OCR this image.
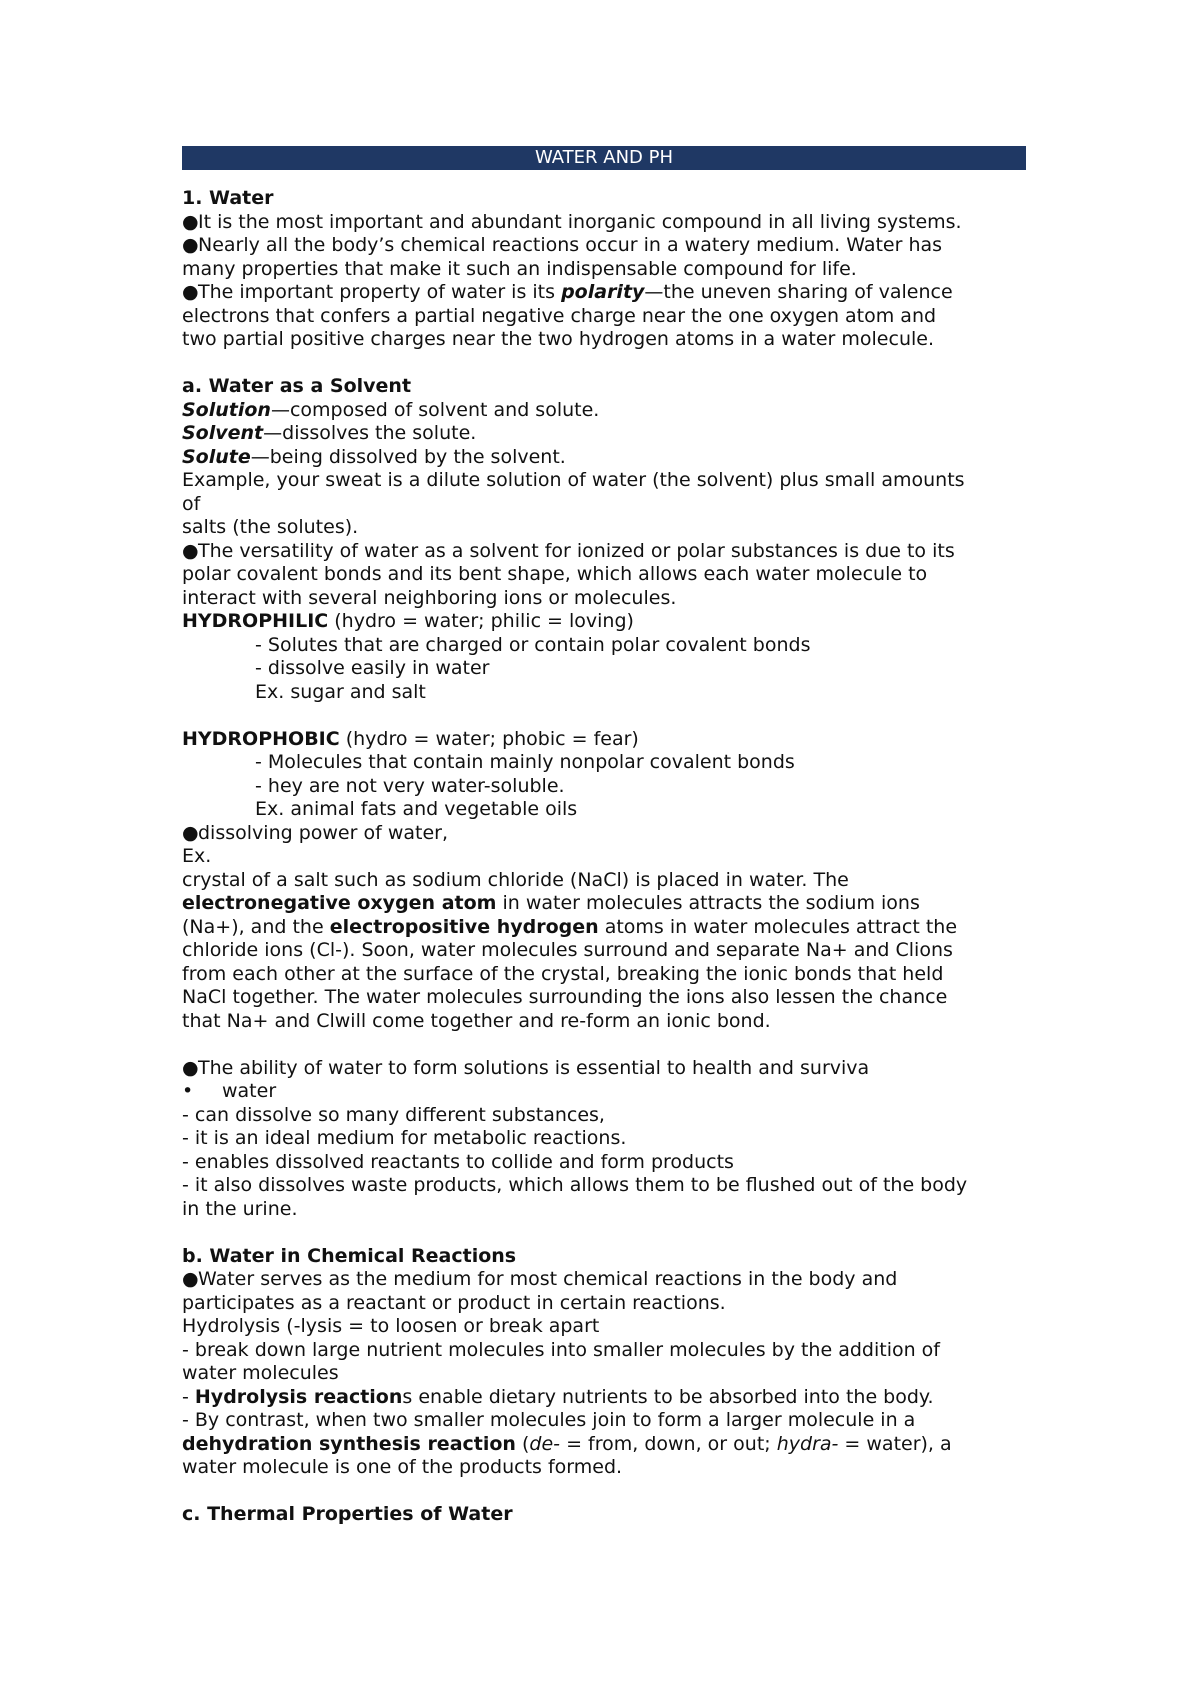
WATER AND PH
1. Water
●It is the most important and abundant inorganic compound in all living systems.
●Nearly all the body’s chemical reactions occur in a watery medium. Water has
many properties that make it such an indispensable compound for life.
●The important property of water is its polarity—the uneven sharing of valence
electrons that confers a partial negative charge near the one oxygen atom and
two partial positive charges near the two hydrogen atoms in a water molecule.
a. Water as a Solvent
Solution—composed of solvent and solute.
Solvent—dissolves the solute.
Solute—being dissolved by the solvent.
Example, your sweat is a dilute solution of water (the solvent) plus small amounts
of
salts (the solutes).
●The versatility of water as a solvent for ionized or polar substances is due to its
polar covalent bonds and its bent shape, which allows each water molecule to
interact with several neighboring ions or molecules.
HYDROPHILIC (hydro = water; philic = loving)
- Solutes that are charged or contain polar covalent bonds
- dissolve easily in water
Ex. sugar and salt
HYDROPHOBIC (hydro = water; phobic = fear)
- Molecules that contain mainly nonpolar covalent bonds
- hey are not very water-soluble.
Ex. animal fats and vegetable oils
●dissolving power of water,
Ex.
crystal of a salt such as sodium chloride (NaCl) is placed in water. The
electronegative oxygen atom in water molecules attracts the sodium ions
(Na+), and the electropositive hydrogen atoms in water molecules attract the
chloride ions (Cl-). Soon, water molecules surround and separate Na+ and Clions
from each other at the surface of the crystal, breaking the ionic bonds that held
NaCl together. The water molecules surrounding the ions also lessen the chance
that Na+ and Clwill come together and re-form an ionic bond.
●The ability of water to form solutions is essential to health and surviva
• water
- can dissolve so many different substances,
- it is an ideal medium for metabolic reactions.
- enables dissolved reactants to collide and form products
- it also dissolves waste products, which allows them to be flushed out of the body
in the urine.
b. Water in Chemical Reactions
●Water serves as the medium for most chemical reactions in the body and
participates as a reactant or product in certain reactions.
Hydrolysis (-lysis = to loosen or break apart
- break down large nutrient molecules into smaller molecules by the addition of
water molecules
- Hydrolysis reactions enable dietary nutrients to be absorbed into the body.
- By contrast, when two smaller molecules join to form a larger molecule in a
dehydration synthesis reaction (de- = from, down, or out; hydra- = water), a
water molecule is one of the products formed.
c. Thermal Properties of Water
